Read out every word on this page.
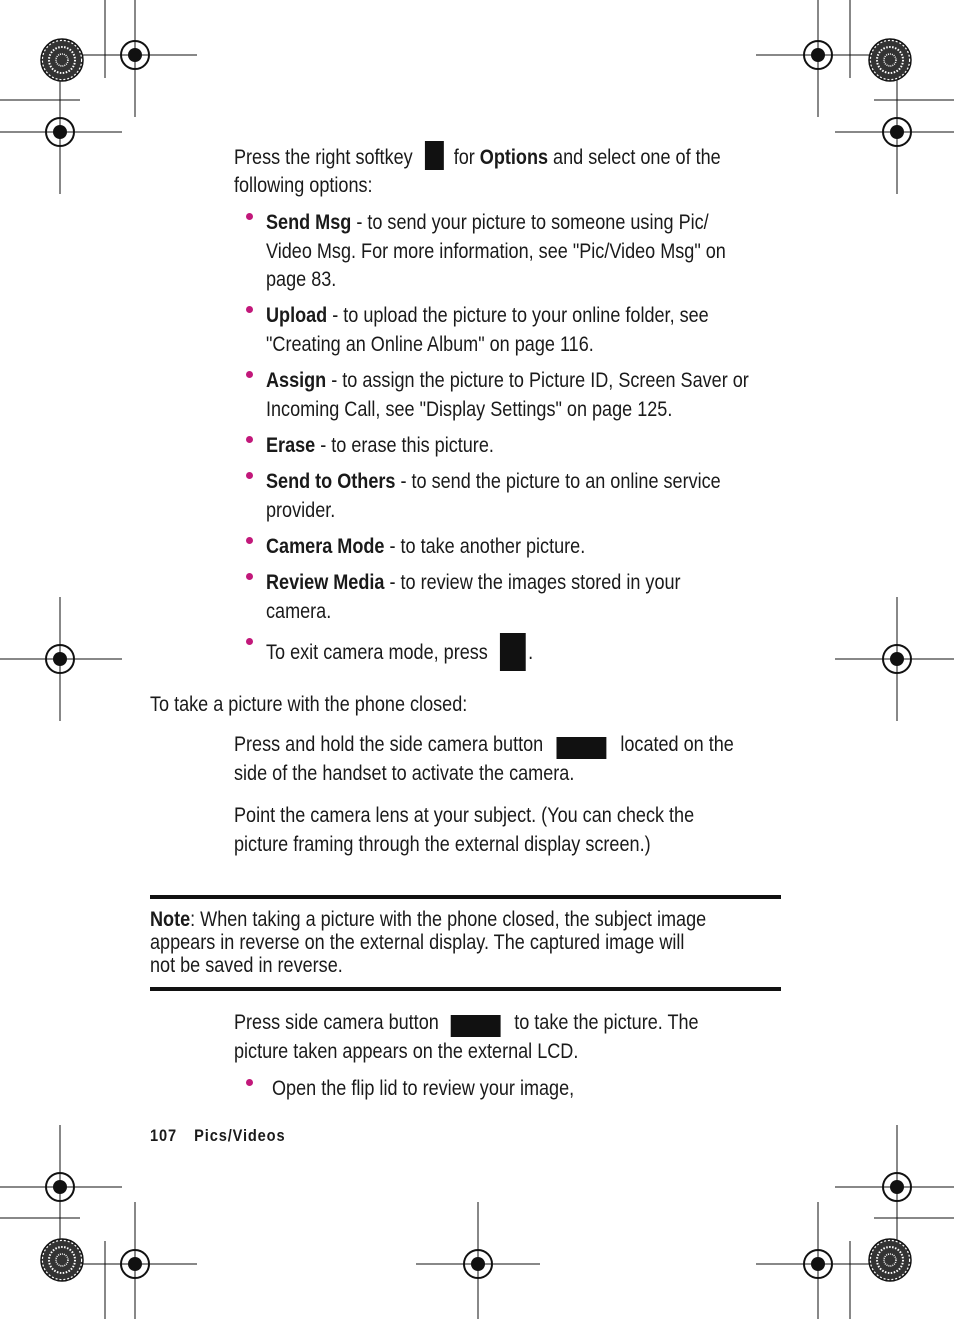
Press the right softkey for Options and select one of the
following options:
Send Msg - to send your picture to someone using Pic/
Video Msg. For more information, see "Pic/Video Msg" on
page 83.
Upload - to upload the picture to your online folder, see
"Creating an Online Album" on page 116.
Assign - to assign the picture to Picture ID, Screen Saver or
Incoming Call, see "Display Settings" on page 125.
Erase - to erase this picture.
Send to Others - to send the picture to an online service
provider.
Camera Mode - to take another picture.
Review Media - to review the images stored in your
camera.
To exit camera mode, press .
To take a picture with the phone closed:
Press and hold the side camera button	located on the
side of the handset to activate the camera.
Point the camera lens at your subject. (You can check the
picture framing through the external display screen.)
Note: When taking a picture with the phone closed, the subject image
appears in reverse on the external display. The captured image will
not be saved in reverse.
Press side camera button	to take the picture. The
picture taken appears on the external LCD.
Open the flip lid to review your image,
107 Pics/Videos
